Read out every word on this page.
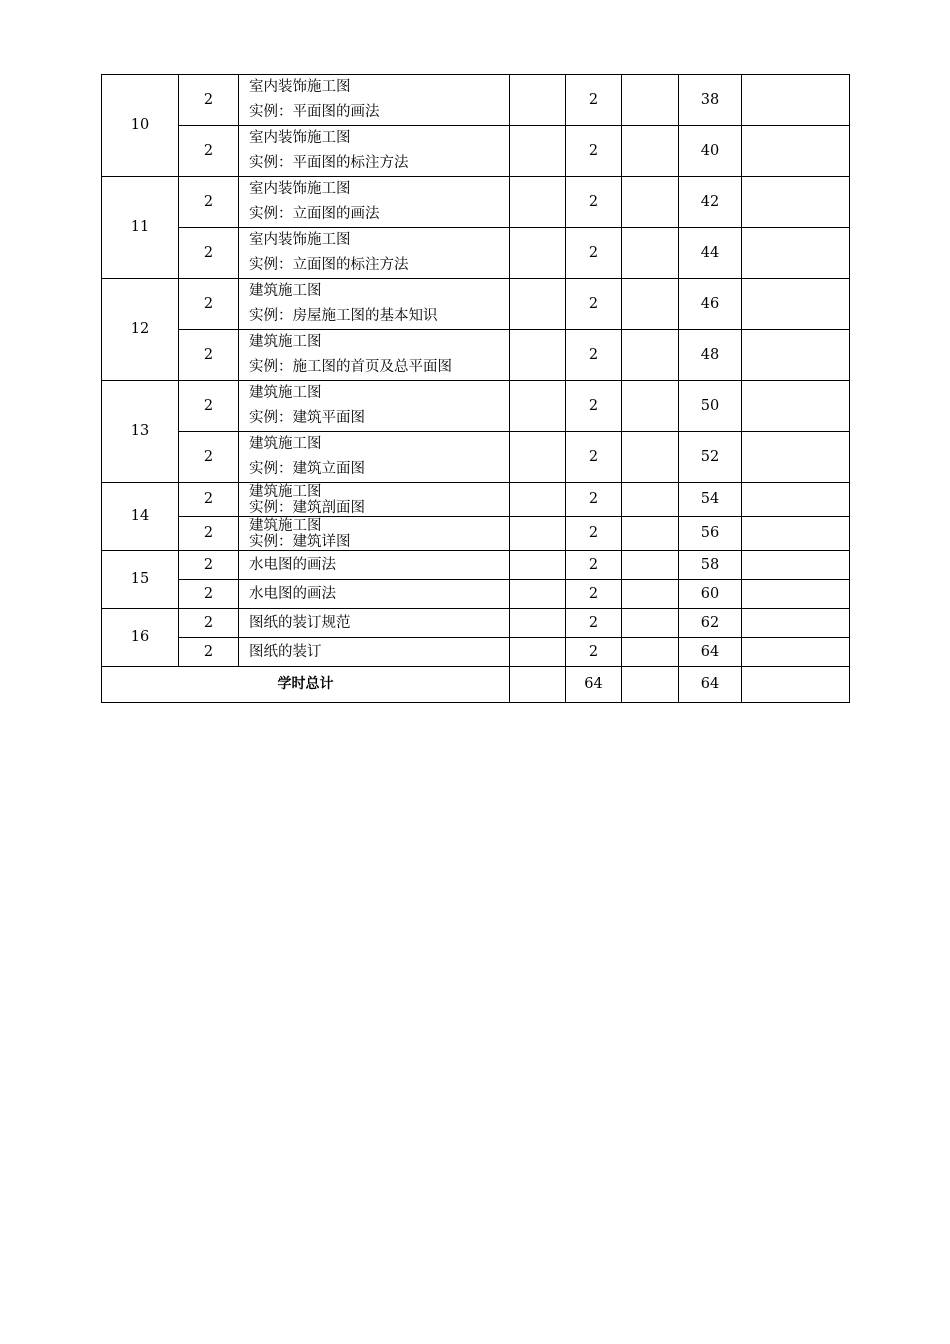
10	2	室内装饰施工图
实例：平面图的画法		2		38	
	2	室内装饰施工图
实例：平面图的标注方法		2		40	
11	2	室内装饰施工图
实例：立面图的画法		2		42	
	2	室内装饰施工图
实例：立面图的标注方法		2		44	
12	2	建筑施工图
实例：房屋施工图的基本知识		2		46	
	2	建筑施工图
实例：施工图的首页及总平面图		2		48	
13	2	建筑施工图
实例：建筑平面图		2		50	
	2	建筑施工图
实例：建筑立面图		2		52	
14	2	建筑施工图
实例：建筑剖面图		2		54	
	2	建筑施工图
实例：建筑详图		2		56	
15	2	水电图的画法		2		58	
	2	水电图的画法		2		60	
16	2	图纸的装订规范		2		62	
	2	图纸的装订		2		64	
学时总计				64		64	
